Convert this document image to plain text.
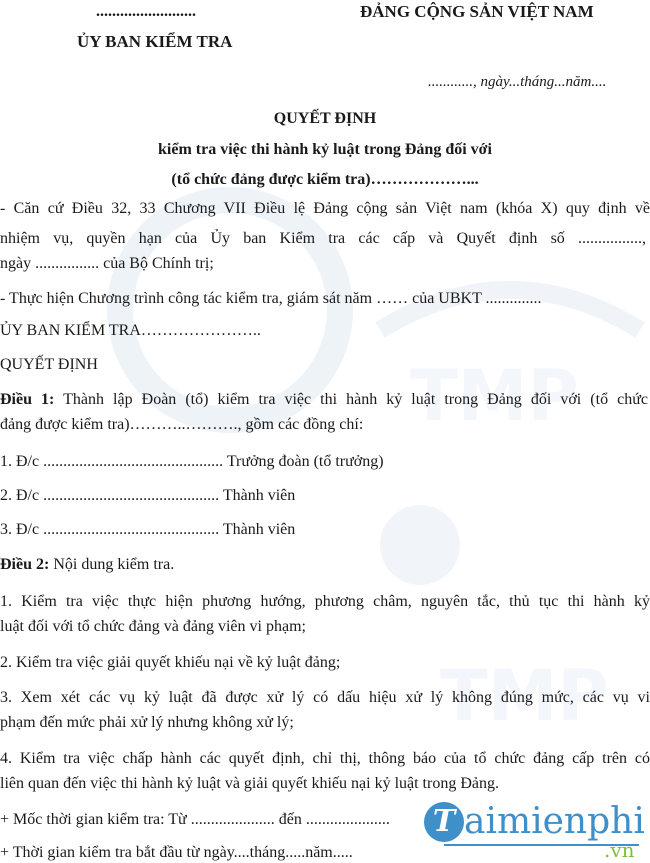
TMP
TMP
.........................	ĐẢNG CỘNG SẢN VIỆT NAM
ỦY BAN KIỂM TRA
............, ngày...tháng...năm....
QUYẾT ĐỊNH
kiểm tra việc thi hành kỷ luật trong Đảng đối với
(tổ chức đảng được kiểm tra)………………...
- Căn cứ Điều 32, 33 Chương VII Điều lệ Đảng cộng sản Việt nam (khóa X) quy định về
nhiệm vụ, quyền hạn của Ủy ban Kiểm tra các cấp và Quyết định số ................,
ngày ................ của Bộ Chính trị;
- Thực hiện Chương trình công tác kiểm tra, giám sát năm …… của UBKT ..............
ỦY BAN KIỂM TRA…………………..
QUYẾT ĐỊNH
Điều 1: Thành lập Đoàn (tổ) kiểm tra việc thi hành kỷ luật trong Đảng đối với (tổ chức
đảng được kiểm tra)………..………., gồm các đồng chí:
1. Đ/c ............................................. Trưởng đoàn (tổ trưởng)
2. Đ/c ............................................ Thành viên
3. Đ/c ............................................ Thành viên
Điều 2: Nội dung kiểm tra.
1. Kiểm tra việc thực hiện phương hướng, phương châm, nguyên tắc, thủ tục thi hành kỷ
luật đối với tổ chức đảng và đảng viên vi phạm;
2. Kiểm tra việc giải quyết khiếu nại về kỷ luật đảng;
3. Xem xét các vụ kỷ luật đã được xử lý có dấu hiệu xử lý không đúng mức, các vụ vi
phạm đến mức phải xử lý nhưng không xử lý;
4. Kiểm tra việc chấp hành các quyết định, chỉ thị, thông báo của tổ chức đảng cấp trên có
liên quan đến việc thi hành kỷ luật và giải quyết khiếu nại kỷ luật trong Đảng.
+ Mốc thời gian kiểm tra: Từ ..................... đến .....................
+ Thời gian kiểm tra bắt đầu từ ngày....tháng.....năm.....
T aimienphi
.vn
